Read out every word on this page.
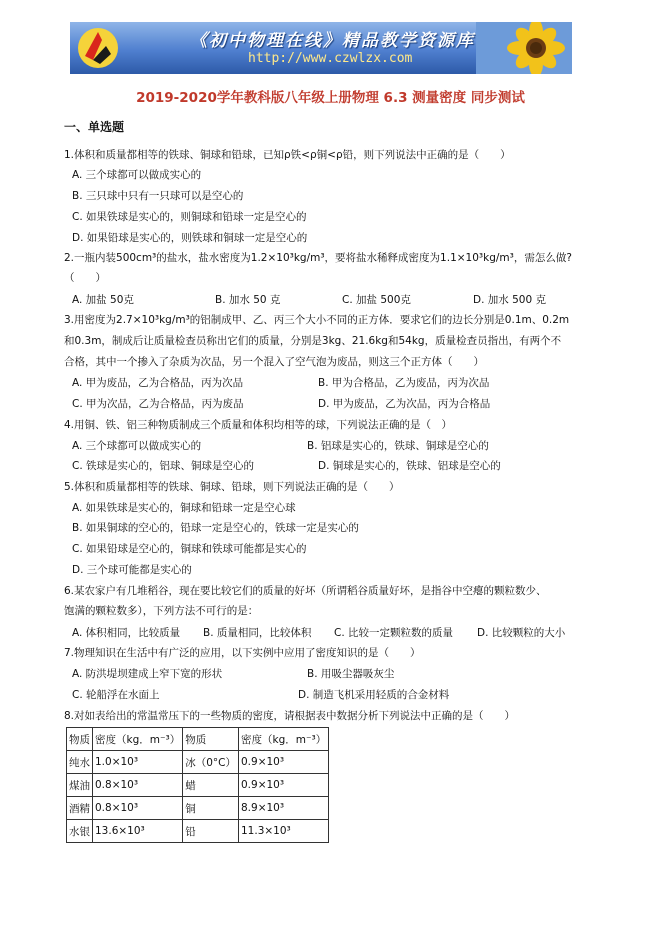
《初中物理在线》精品教学资源库
http://www.czwlzx.com
2019-2020学年教科版八年级上册物理 6.3 测量密度 同步测试
一、单选题
1.体积和质量都相等的铁球、铜球和铅球，已知ρ铁<ρ铜<ρ铅，则下列说法中正确的是（　　）
A. 三个球都可以做成实心的
B. 三只球中只有一只球可以是空心的
C. 如果铁球是实心的，则铜球和铅球一定是空心的
D. 如果铅球是实心的，则铁球和铜球一定是空心的
2.一瓶内装500cm³的盐水，盐水密度为1.2×10³kg/m³，要将盐水稀释成密度为1.1×10³kg/m³，需怎么做?
（　　）
A. 加盐 50克	B. 加水 50 克	C. 加盐 500克	D. 加水 500 克
3.用密度为2.7×10³kg/m³的铝制成甲、乙、丙三个大小不同的正方体．要求它们的边长分别是0.1m、0.2m
和0.3m，制成后让质量检查员称出它们的质量，分别是3kg、21.6kg和54kg，质量检查员指出，有两个不
合格，其中一个掺入了杂质为次品，另一个混入了空气泡为废品，则这三个正方体（　　）
A. 甲为废品，乙为合格品，丙为次品	B. 甲为合格品，乙为废品，丙为次品
C. 甲为次品，乙为合格品，丙为废品	D. 甲为废品，乙为次品，丙为合格品
4.用铜、铁、铝三种物质制成三个质量和体积均相等的球，下列说法正确的是（　）
A. 三个球都可以做成实心的	B. 铝球是实心的，铁球、铜球是空心的
C. 铁球是实心的，铝球、铜球是空心的	D. 铜球是实心的，铁球、铝球是空心的
5.体积和质量都相等的铁球、铜球、铅球，则下列说法正确的是（　　）
A. 如果铁球是实心的，铜球和铅球一定是空心球
B. 如果铜球的空心的，铅球一定是空心的，铁球一定是实心的
C. 如果铅球是空心的，铜球和铁球可能都是实心的
D. 三个球可能都是实心的
6.某农家户有几堆稻谷，现在要比较它们的质量的好坏（所谓稻谷质量好坏，是指谷中空瘪的颗粒数少、
饱满的颗粒数多），下列方法不可行的是：
A. 体积相同，比较质量 B. 质量相同，比较体积 C. 比较一定颗粒数的质量 D. 比较颗粒的大小
7.物理知识在生活中有广泛的应用，以下实例中应用了密度知识的是（　　）
A. 防洪堤坝建成上窄下宽的形状	B. 用吸尘器吸灰尘
C. 轮船浮在水面上	D. 制造飞机采用轻质的合金材料
8.对如表给出的常温常压下的一些物质的密度，请根据表中数据分析下列说法中正确的是（　　）
物质	密度（kg．m⁻³）	物质	密度（kg．m⁻³）
纯水	1.0×10³	冰（0°C）	0.9×10³
煤油	0.8×10³	蜡	0.9×10³
酒精	0.8×10³	铜	8.9×10³
水银	13.6×10³	铅	11.3×10³
